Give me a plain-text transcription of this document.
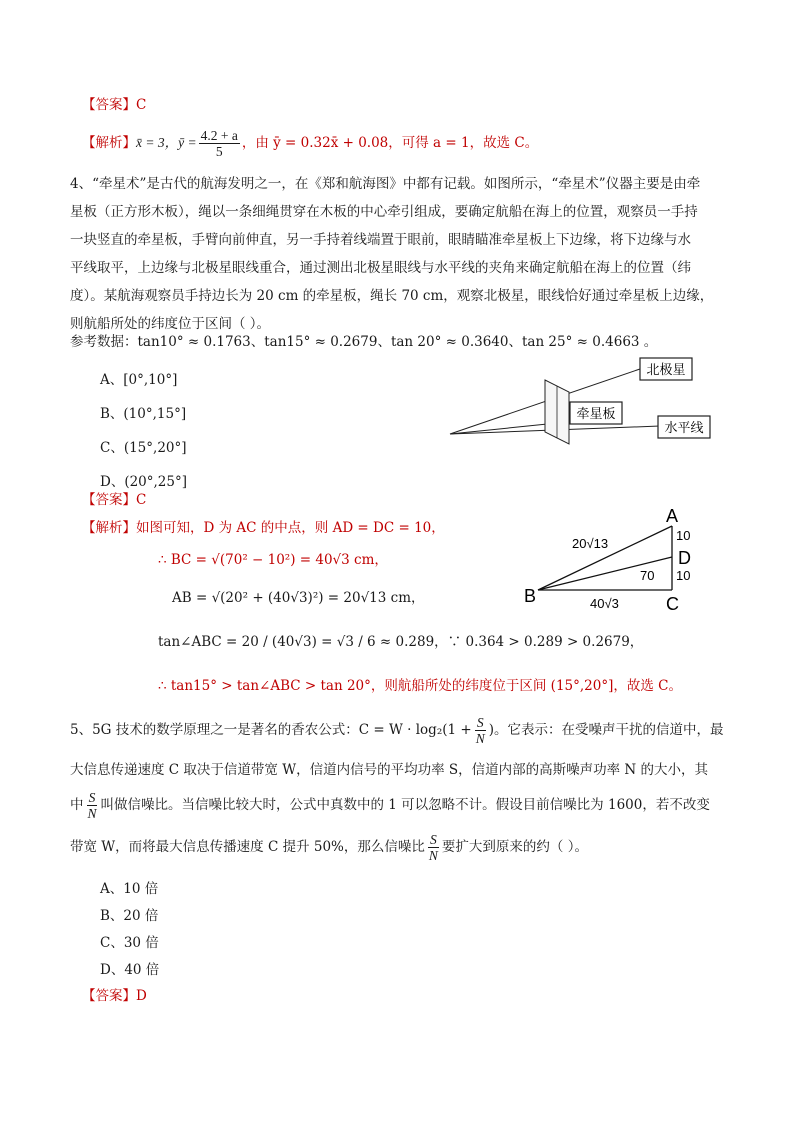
【答案】C
【解析】x̄ = 3，ȳ = $\frac{4.2 + a}{5}$ ，由 ȳ = 0.32x̄ + 0.08，可得 a = 1，故选 C。
4、“牵星术”是古代的航海发明之一，在《郑和航海图》中都有记载。如图所示，“牵星术”仪器主要是由牵
星板（正方形木板），绳以一条细绳贯穿在木板的中心牵引组成，要确定航船在海上的位置，观察员一手持
一块竖直的牵星板，手臂向前伸直，另一手持着线端置于眼前，眼睛瞄准牵星板上下边缘，将下边缘与水
平线取平，上边缘与北极星眼线重合，通过测出北极星眼线与水平线的夹角来确定航船在海上的位置（纬
度）。某航海观察员手持边长为 20 cm 的牵星板，绳长 70 cm，观察北极星，眼线恰好通过牵星板上边缘，
则航船所处的纬度位于区间（ ）。
参考数据：tan10° ≈ 0.1763、tan15° ≈ 0.2679、tan 20° ≈ 0.3640、tan 25° ≈ 0.4663 。
A、[0°,10°]
B、(10°,15°]
C、(15°,20°]
D、(20°,25°]
北极星
牵星板
水平线
【答案】C
【解析】如图可知，D 为 AC 的中点，则 AD = DC = 10，
∴ BC = √(70² − 10²) = 40√3 cm，
AB = √(20² + (40√3)²) = 20√13 cm，
tan∠ABC = 20 / (40√3) = √3 / 6 ≈ 0.289，∵ 0.364 > 0.289 > 0.2679，
∴ tan15° > tan∠ABC > tan 20°，则航船所处的纬度位于区间 (15°,20°]，故选 C。
A
B	C
D
20√13
10
10
70
40√3
5、5G 技术的数学原理之一是著名的香农公式：$C = W \cdot \log_2(1 + \frac{S}{N}$ )。它表示：在受噪声干扰的信道中，最
大信息传递速度 C 取决于信道带宽 W，信道内信号的平均功率 S，信道内部的高斯噪声功率 N 的大小，其
中 $\frac{S}{N}$ 叫做信噪比。当信噪比较大时，公式中真数中的 1 可以忽略不计。假设目前信噪比为 1600，若不改变
带宽 W，而将最大信息传播速度 C 提升 50%，那么信噪比 $\frac{S}{N}$ 要扩大到原来的约（ ）。
A、10 倍
B、20 倍
C、30 倍
D、40 倍
【答案】D
